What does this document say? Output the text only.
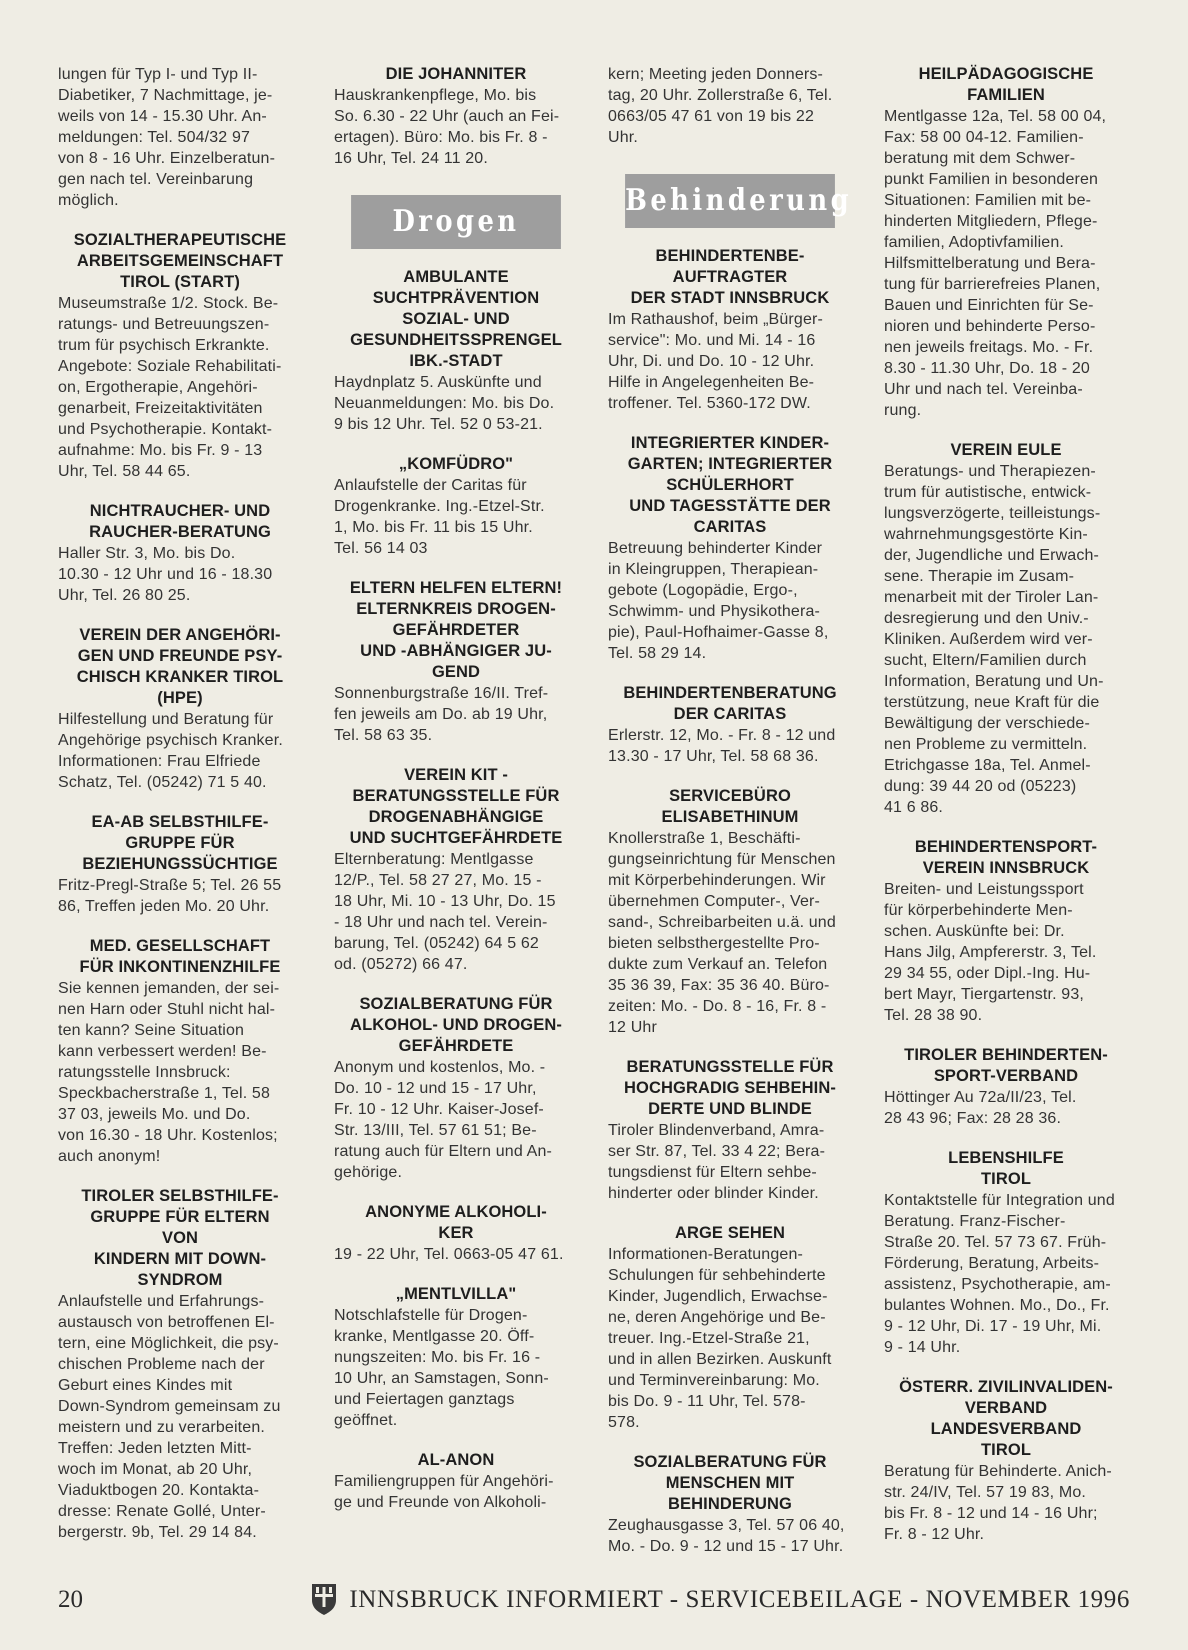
lungen für Typ I- und Typ II-
Diabetiker, 7 Nachmittage, je-
weils von 14 - 15.30 Uhr. An-
meldungen: Tel. 504/32 97
von 8 - 16 Uhr. Einzelberatun-
gen nach tel. Vereinbarung
möglich.

SOZIALTHERAPEUTISCHE
ARBEITSGEMEINSCHAFT
TIROL (START)

Museumstraße 1/2. Stock. Be-
ratungs- und Betreuungszen-
trum für psychisch Erkrankte.
Angebote: Soziale Rehabilitati-
on, Ergotherapie, Angehöri-
genarbeit, Freizeitaktivitäten
und Psychotherapie. Kontakt-
aufnahme: Mo. bis Fr. 9 - 13
Uhr, Tel. 58 44 65.

NICHTRAUCHER- UND
RAUCHER-BERATUNG

Haller Str. 3, Mo. bis Do.
10.30 - 12 Uhr und 16 - 18.30
Uhr, Tel. 26 80 25.

VEREIN DER ANGEHÖRI-
GEN UND FREUNDE PSY-
CHISCH KRANKER TIROL
(HPE)

Hilfestellung und Beratung für
Angehörige psychisch Kranker.
Informationen: Frau Elfriede
Schatz, Tel. (05242) 71 5 40.

EA-AB SELBSTHILFE-
GRUPPE FÜR
BEZIEHUNGSSÜCHTIGE

Fritz-Pregl-Straße 5; Tel. 26 55
86, Treffen jeden Mo. 20 Uhr.

MED. GESELLSCHAFT
FÜR INKONTINENZHILFE

Sie kennen jemanden, der sei-
nen Harn oder Stuhl nicht hal-
ten kann? Seine Situation
kann verbessert werden! Be-
ratungsstelle Innsbruck:
Speckbacherstraße 1, Tel. 58
37 03, jeweils Mo. und Do.
von 16.30 - 18 Uhr. Kostenlos;
auch anonym!

TIROLER SELBSTHILFE-
GRUPPE FÜR ELTERN
VON
KINDERN MIT DOWN-
SYNDROM

Anlaufstelle und Erfahrungs-
austausch von betroffenen El-
tern, eine Möglichkeit, die psy-
chischen Probleme nach der
Geburt eines Kindes mit
Down-Syndrom gemeinsam zu
meistern und zu verarbeiten.
Treffen: Jeden letzten Mitt-
woch im Monat, ab 20 Uhr,
Viaduktbogen 20. Kontakta-
dresse: Renate Gollé, Unter-
bergerstr. 9b, Tel. 29 14 84.

DIE JOHANNITER

Hauskrankenpflege, Mo. bis
So. 6.30 - 22 Uhr (auch an Fei-
ertagen). Büro: Mo. bis Fr. 8 -
16 Uhr, Tel. 24 11 20.

Drogen
AMBULANTE
SUCHTPRÄVENTION
SOZIAL- UND
GESUNDHEITSSPRENGEL
IBK.-STADT

Haydnplatz 5. Auskünfte und
Neuanmeldungen: Mo. bis Do.
9 bis 12 Uhr. Tel. 52 0 53-21.

„KOMFÜDRO"

Anlaufstelle der Caritas für
Drogenkranke. Ing.-Etzel-Str.
1, Mo. bis Fr. 11 bis 15 Uhr.
Tel. 56 14 03

ELTERN HELFEN ELTERN!
ELTERNKREIS DROGEN-
GEFÄHRDETER
UND -ABHÄNGIGER JU-
GEND

Sonnenburgstraße 16/II. Tref-
fen jeweils am Do. ab 19 Uhr,
Tel. 58 63 35.

VEREIN KIT -
BERATUNGSSTELLE FÜR
DROGENABHÄNGIGE
UND SUCHTGEFÄHRDETE

Elternberatung: Mentlgasse
12/P., Tel. 58 27 27, Mo. 15 -
18 Uhr, Mi. 10 - 13 Uhr, Do. 15
- 18 Uhr und nach tel. Verein-
barung, Tel. (05242) 64 5 62
od. (05272) 66 47.

SOZIALBERATUNG FÜR
ALKOHOL- UND DROGEN-
GEFÄHRDETE

Anonym und kostenlos, Mo. -
Do. 10 - 12 und 15 - 17 Uhr,
Fr. 10 - 12 Uhr. Kaiser-Josef-
Str. 13/III, Tel. 57 61 51; Be-
ratung auch für Eltern und An-
gehörige.

ANONYME ALKOHOLI-
KER

19 - 22 Uhr, Tel. 0663-05 47 61.

„MENTLVILLA"

Notschlafstelle für Drogen-
kranke, Mentlgasse 20. Öff-
nungszeiten: Mo. bis Fr. 16 -
10 Uhr, an Samstagen, Sonn-
und Feiertagen ganztags
geöffnet.

AL-ANON

Familiengruppen für Angehöri-
ge und Freunde von Alkoholi-

kern; Meeting jeden Donners-
tag, 20 Uhr. Zollerstraße 6, Tel.
0663/05 47 61 von 19 bis 22
Uhr.

Behinderung
BEHINDERTENBE-
AUFTRAGTER
DER STADT INNSBRUCK

Im Rathaushof, beim „Bürger-
service": Mo. und Mi. 14 - 16
Uhr, Di. und Do. 10 - 12 Uhr.
Hilfe in Angelegenheiten Be-
troffener. Tel. 5360-172 DW.

INTEGRIERTER KINDER-
GARTEN; INTEGRIERTER
SCHÜLERHORT
UND TAGESSTÄTTE DER
CARITAS

Betreuung behinderter Kinder
in Kleingruppen, Therapiean-
gebote (Logopädie, Ergo-,
Schwimm- und Physikothera-
pie), Paul-Hofhaimer-Gasse 8,
Tel. 58 29 14.

BEHINDERTENBERATUNG
DER CARITAS

Erlerstr. 12, Mo. - Fr. 8 - 12 und
13.30 - 17 Uhr, Tel. 58 68 36.

SERVICEBÜRO
ELISABETHINUM

Knollerstraße 1, Beschäfti-
gungseinrichtung für Menschen
mit Körperbehinderungen. Wir
übernehmen Computer-, Ver-
sand-, Schreibarbeiten u.ä. und
bieten selbsthergestellte Pro-
dukte zum Verkauf an. Telefon
35 36 39, Fax: 35 36 40. Büro-
zeiten: Mo. - Do. 8 - 16, Fr. 8 -
12 Uhr

BERATUNGSSTELLE FÜR
HOCHGRADIG SEHBEHIN-
DERTE UND BLINDE

Tiroler Blindenverband, Amra-
ser Str. 87, Tel. 33 4 22; Bera-
tungsdienst für Eltern sehbe-
hinderter oder blinder Kinder.

ARGE SEHEN

Informationen-Beratungen-
Schulungen für sehbehinderte
Kinder, Jugendlich, Erwachse-
ne, deren Angehörige und Be-
treuer. Ing.-Etzel-Straße 21,
und in allen Bezirken. Auskunft
und Terminvereinbarung: Mo.
bis Do. 9 - 11 Uhr, Tel. 578-
578.

SOZIALBERATUNG FÜR
MENSCHEN MIT
BEHINDERUNG

Zeughausgasse 3, Tel. 57 06 40,
Mo. - Do. 9 - 12 und 15 - 17 Uhr.

HEILPÄDAGOGISCHE
FAMILIEN

Mentlgasse 12a, Tel. 58 00 04,
Fax: 58 00 04-12. Familien-
beratung mit dem Schwer-
punkt Familien in besonderen
Situationen: Familien mit be-
hinderten Mitgliedern, Pflege-
familien, Adoptivfamilien.
Hilfsmittelberatung und Bera-
tung für barrierefreies Planen,
Bauen und Einrichten für Se-
nioren und behinderte Perso-
nen jeweils freitags. Mo. - Fr.
8.30 - 11.30 Uhr, Do. 18 - 20
Uhr und nach tel. Vereinba-
rung.

VEREIN EULE

Beratungs- und Therapiezen-
trum für autistische, entwick-
lungsverzögerte, teilleistungs-
wahrnehmungsgestörte Kin-
der, Jugendliche und Erwach-
sene. Therapie im Zusam-
menarbeit mit der Tiroler Lan-
desregierung und den Univ.-
Kliniken. Außerdem wird ver-
sucht, Eltern/Familien durch
Information, Beratung und Un-
terstützung, neue Kraft für die
Bewältigung der verschiede-
nen Probleme zu vermitteln.
Etrichgasse 18a, Tel. Anmel-
dung: 39 44 20 od (05223)
41 6 86.

BEHINDERTENSPORT-
VEREIN INNSBRUCK

Breiten- und Leistungssport
für körperbehinderte Men-
schen. Auskünfte bei: Dr.
Hans Jilg, Ampfererstr. 3, Tel.
29 34 55, oder Dipl.-Ing. Hu-
bert Mayr, Tiergartenstr. 93,
Tel. 28 38 90.

TIROLER BEHINDERTEN-
SPORT-VERBAND

Höttinger Au 72a/II/23, Tel.
28 43 96; Fax: 28 28 36.

LEBENSHILFE
TIROL

Kontaktstelle für Integration und
Beratung. Franz-Fischer-
Straße 20. Tel. 57 73 67. Früh-
Förderung, Beratung, Arbeits-
assistenz, Psychotherapie, am-
bulantes Wohnen. Mo., Do., Fr.
9 - 12 Uhr, Di. 17 - 19 Uhr, Mi.
9 - 14 Uhr.

ÖSTERR. ZIVILINVALIDEN-
VERBAND
LANDESVERBAND
TIROL

Beratung für Behinderte. Anich-
str. 24/IV, Tel. 57 19 83, Mo.
bis Fr. 8 - 12 und 14 - 16 Uhr;
Fr. 8 - 12 Uhr.

20	INNSBRUCK INFORMIERT - SERVICEBEILAGE - NOVEMBER 1996
